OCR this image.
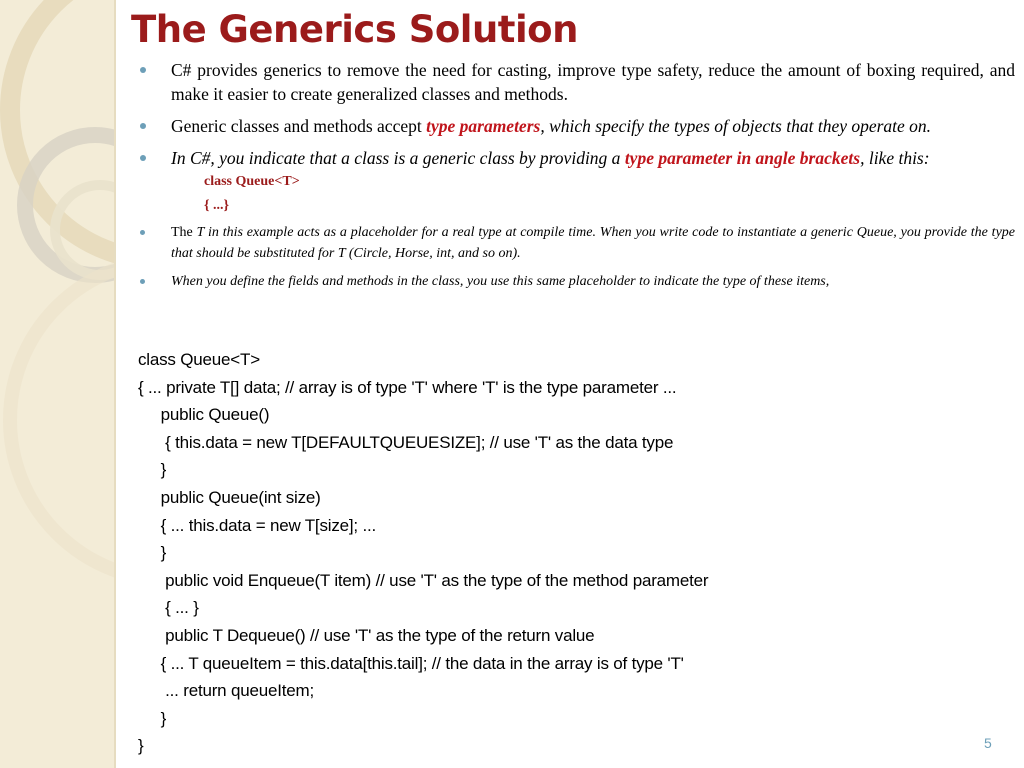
The Generics Solution
C# provides generics to remove the need for casting, improve type safety, reduce the amount of boxing required, and make it easier to create generalized classes and methods.
Generic classes and methods accept type parameters, which specify the types of objects that they operate on.
In C#, you indicate that a class is a generic class by providing a type parameter in angle brackets, like this:
class Queue<T>
{ ...}
The T in this example acts as a placeholder for a real type at compile time. When you write code to instantiate a generic Queue, you provide the type that should be substituted for T (Circle, Horse, int, and so on).
When you define the fields and methods in the class, you use this same placeholder to indicate the type of these items,
class Queue<T>
{ ... private T[] data; // array is of type 'T' where 'T' is the type parameter ...
public Queue()
{ this.data = new T[DEFAULTQUEUESIZE]; // use 'T' as the data type
}
public Queue(int size)
{ ... this.data = new T[size]; ...
}
public void Enqueue(T item) // use 'T' as the type of the method parameter
{ ... }
public T Dequeue() // use 'T' as the type of the return value
{ ... T queueItem = this.data[this.tail]; // the data in the array is of type 'T'
... return queueItem;
}
}	5
